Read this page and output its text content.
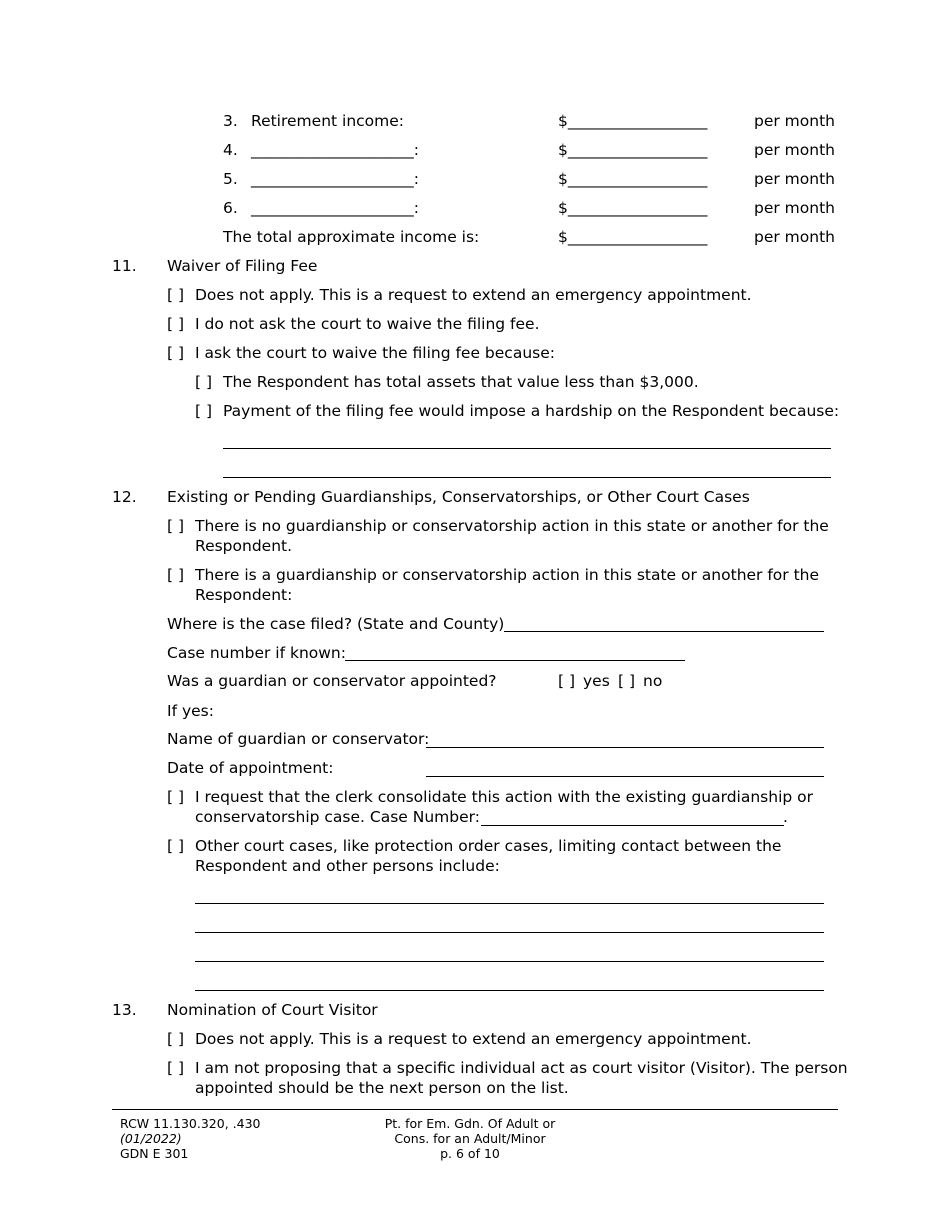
3. Retirement income:	$__________________	per month
4. _____________________:	$__________________	per month
5. _____________________:	$__________________	per month
6. _____________________:	$__________________	per month
The total approximate income is:	$__________________	per month
11. Waiver of Filing Fee
[ ] Does not apply. This is a request to extend an emergency appointment.
[ ] I do not ask the court to waive the filing fee.
[ ] I ask the court to waive the filing fee because:
[ ] The Respondent has total assets that value less than $3,000.
[ ] Payment of the filing fee would impose a hardship on the Respondent because:
12. Existing or Pending Guardianships, Conservatorships, or Other Court Cases
[ ] There is no guardianship or conservatorship action in this state or another for the
Respondent.
[ ] There is a guardianship or conservatorship action in this state or another for the
Respondent:
Where is the case filed? (State and County)
Case number if known:
Was a guardian or conservator appointed?	[ ] yes [ ] no
If yes:
Name of guardian or conservator:
Date of appointment:
[ ] I request that the clerk consolidate this action with the existing guardianship or
conservatorship case. Case Number:	.
[ ] Other court cases, like protection order cases, limiting contact between the
Respondent and other persons include:
13. Nomination of Court Visitor
[ ] Does not apply. This is a request to extend an emergency appointment.
[ ] I am not proposing that a specific individual act as court visitor (Visitor). The person
appointed should be the next person on the list.
RCW 11.130.320, .430
(01/2022)
GDN E 301
Pt. for Em. Gdn. Of Adult or
Cons. for an Adult/Minor
p. 6 of 10
